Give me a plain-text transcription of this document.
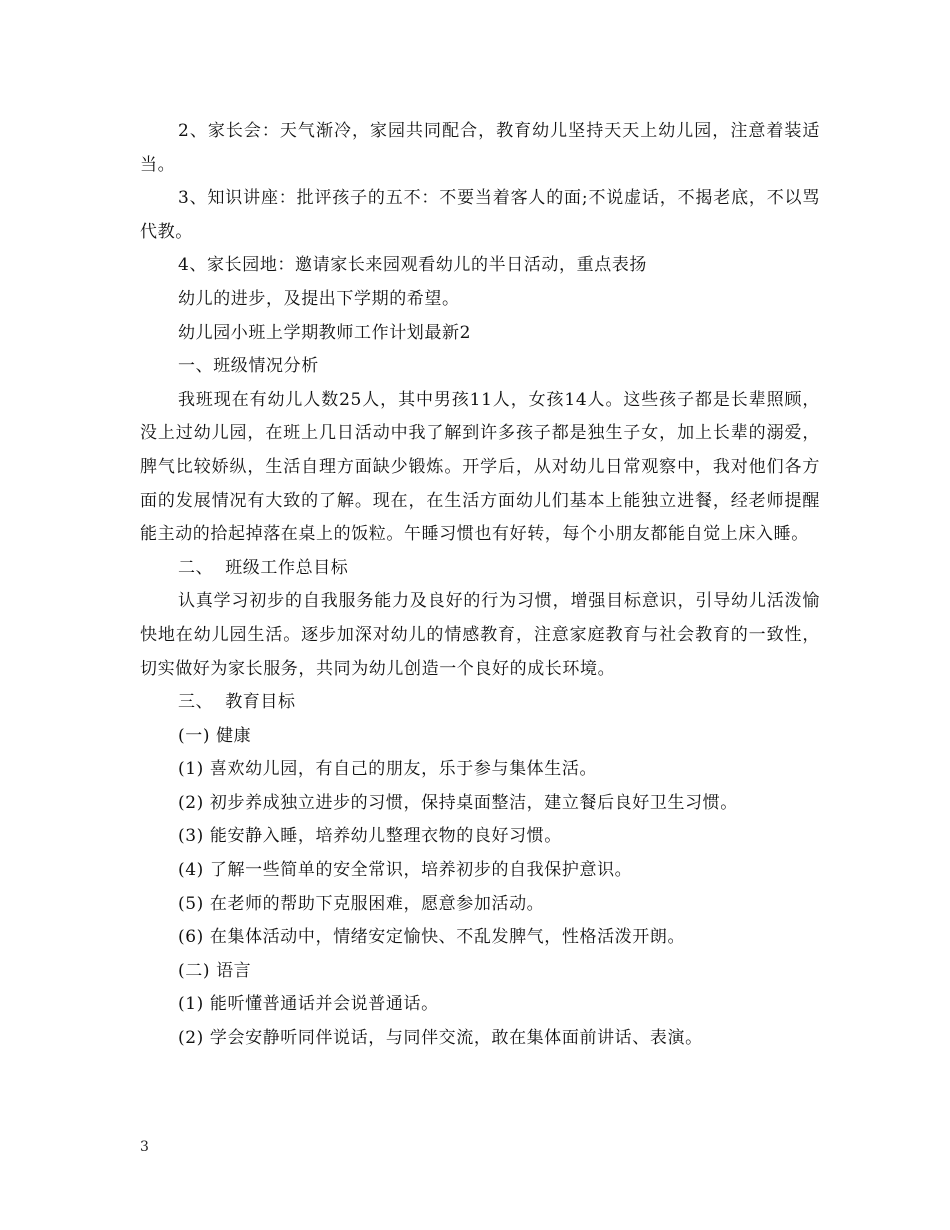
2、家长会：天气渐冷，家园共同配合，教育幼儿坚持天天上幼儿园，注意着装适当。

3、知识讲座：批评孩子的五不：不要当着客人的面;不说虚话，不揭老底，不以骂代教。

4、家长园地：邀请家长来园观看幼儿的半日活动，重点表扬

幼儿的进步，及提出下学期的希望。

幼儿园小班上学期教师工作计划最新2

一、班级情况分析

我班现在有幼儿人数25人，其中男孩11人，女孩14人。这些孩子都是长辈照顾，没上过幼儿园，在班上几日活动中我了解到许多孩子都是独生子女，加上长辈的溺爱，脾气比较娇纵，生活自理方面缺少锻炼。开学后，从对幼儿日常观察中，我对他们各方面的发展情况有大致的了解。现在，在生活方面幼儿们基本上能独立进餐，经老师提醒能主动的拾起掉落在桌上的饭粒。午睡习惯也有好转，每个小朋友都能自觉上床入睡。

二、  班级工作总目标

认真学习初步的自我服务能力及良好的行为习惯，增强目标意识，引导幼儿活泼愉快地在幼儿园生活。逐步加深对幼儿的情感教育，注意家庭教育与社会教育的一致性，切实做好为家长服务，共同为幼儿创造一个良好的成长环境。

三、  教育目标

(一) 健康

(1) 喜欢幼儿园，有自己的朋友，乐于参与集体生活。

(2) 初步养成独立进步的习惯，保持桌面整洁，建立餐后良好卫生习惯。

(3) 能安静入睡，培养幼儿整理衣物的良好习惯。

(4) 了解一些简单的安全常识，培养初步的自我保护意识。

(5) 在老师的帮助下克服困难，愿意参加活动。

(6) 在集体活动中，情绪安定愉快、不乱发脾气，性格活泼开朗。

(二) 语言

(1) 能听懂普通话并会说普通话。

(2) 学会安静听同伴说话，与同伴交流，敢在集体面前讲话、表演。

3
